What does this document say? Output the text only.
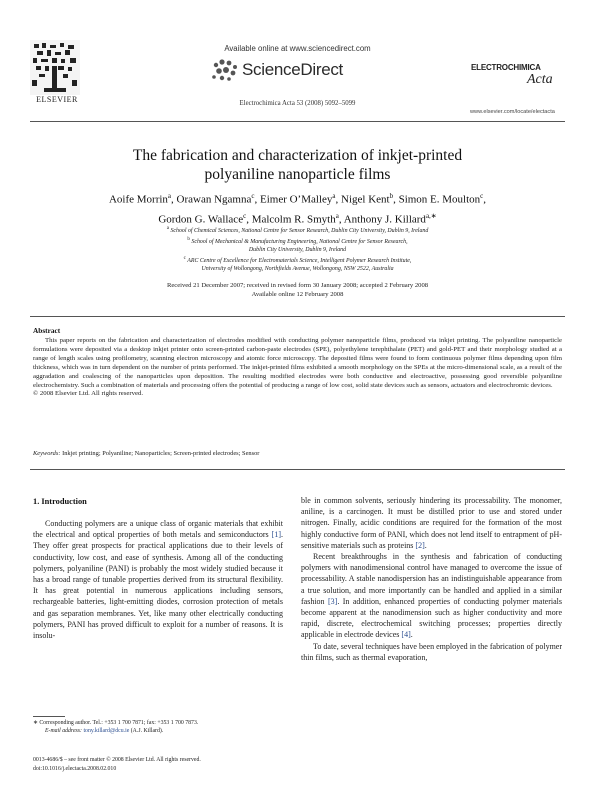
Available online at www.sciencedirect.com
ScienceDirect
Electrochimica Acta 53 (2008) 5092–5099
ELSEVIER
ELECTROCHIMICA
Acta
www.elsevier.com/locate/electacta
The fabrication and characterization of inkjet-printed
polyaniline nanoparticle films
Aoife Morrin$^a$, Orawan Ngamna$^c$, Eimer O’Malley$^a$, Nigel Kent$^b$, Simon E. Moulton$^c$,
Gordon G. Wallace$^c$, Malcolm R. Smyth$^a$, Anthony J. Killard$^{a,∗}$
$^a$ School of Chemical Sciences, National Centre for Sensor Research, Dublin City University, Dublin 9, Ireland
$^b$ School of Mechanical & Manufacturing Engineering, National Centre for Sensor Research,
Dublin City University, Dublin 9, Ireland
$^c$ ARC Centre of Excellence for Electromaterials Science, Intelligent Polymer Research Institute,
University of Wollongong, Northfields Avenue, Wollongong, NSW 2522, Australia
Received 21 December 2007; received in revised form 30 January 2008; accepted 2 February 2008
Available online 12 February 2008
Abstract

This paper reports on the fabrication and characterization of electrodes modified with conducting polymer nanoparticle films, produced via inkjet printing. The polyaniline nanoparticle formulations were deposited via a desktop inkjet printer onto screen-printed carbon-paste electrodes (SPE), polyethylene terephthalate (PET) and gold-PET and their morphology studied at a range of length scales using profilometry, scanning electron microscopy and atomic force microscopy. The deposited films were found to form continuous polymer films depending upon film thickness, which was in turn dependent on the number of prints performed. The inkjet-printed films exhibited a smooth morphology on the SPEs at the micro-dimensional scale, as a result of the aggradation and coalescing of the nanoparticles upon deposition. The resulting modified electrodes were both conductive and electroactive, possessing good reversible polyaniline electrochemistry. Such a combination of materials and processing offers the potential of producing a range of low cost, solid state devices such as sensors, actuators and electrochromic devices.

© 2008 Elsevier Ltd. All rights reserved.

Keywords: Inkjet printing; Polyaniline; Nanoparticles; Screen-printed electrodes; Sensor
1. Introduction

Conducting polymers are a unique class of organic materials that exhibit the electrical and optical properties of both metals and semiconductors [1]. They offer great prospects for practical applications due to their levels of conductivity, low cost, and ease of synthesis. Among all of the conducting polymers, polyaniline (PANI) is probably the most widely studied because it has a broad range of tunable properties derived from its structural flexibility. It has great potential in numerous applications including sensors, rechargeable batteries, light-emitting diodes, corrosion protection of metals and gas separation membranes. Yet, like many other electrically conducting polymers, PANI has proved difficult to exploit for a number of reasons. It is insolu-

ble in common solvents, seriously hindering its processability. The monomer, aniline, is a carcinogen. It must be distilled prior to use and stored under nitrogen. Finally, acidic conditions are required for the formation of the most highly conductive form of PANI, which does not lend itself to entrapment of pH-sensitive materials such as proteins [2].

Recent breakthroughs in the synthesis and fabrication of conducting polymers with nanodimensional control have managed to overcome the issue of processability. A stable nanodispersion has an indistinguishable appearance from a true solution, and more importantly can be handled and applied in a similar fashion [3]. In addition, enhanced properties of conducting polymer materials become apparent at the nanodimension such as higher conductivity and more rapid, discrete, electrochemical switching processes; properties directly applicable in electrode devices [4].

To date, several techniques have been employed in the fabrication of polymer thin films, such as thermal evaporation,

∗ Corresponding author. Tel.: +353 1 700 7871; fax: +353 1 700 7873.
E-mail address: tony.killard@dcu.ie (A.J. Killard).
0013-4686/$ – see front matter © 2008 Elsevier Ltd. All rights reserved.
doi:10.1016/j.electacta.2008.02.010
